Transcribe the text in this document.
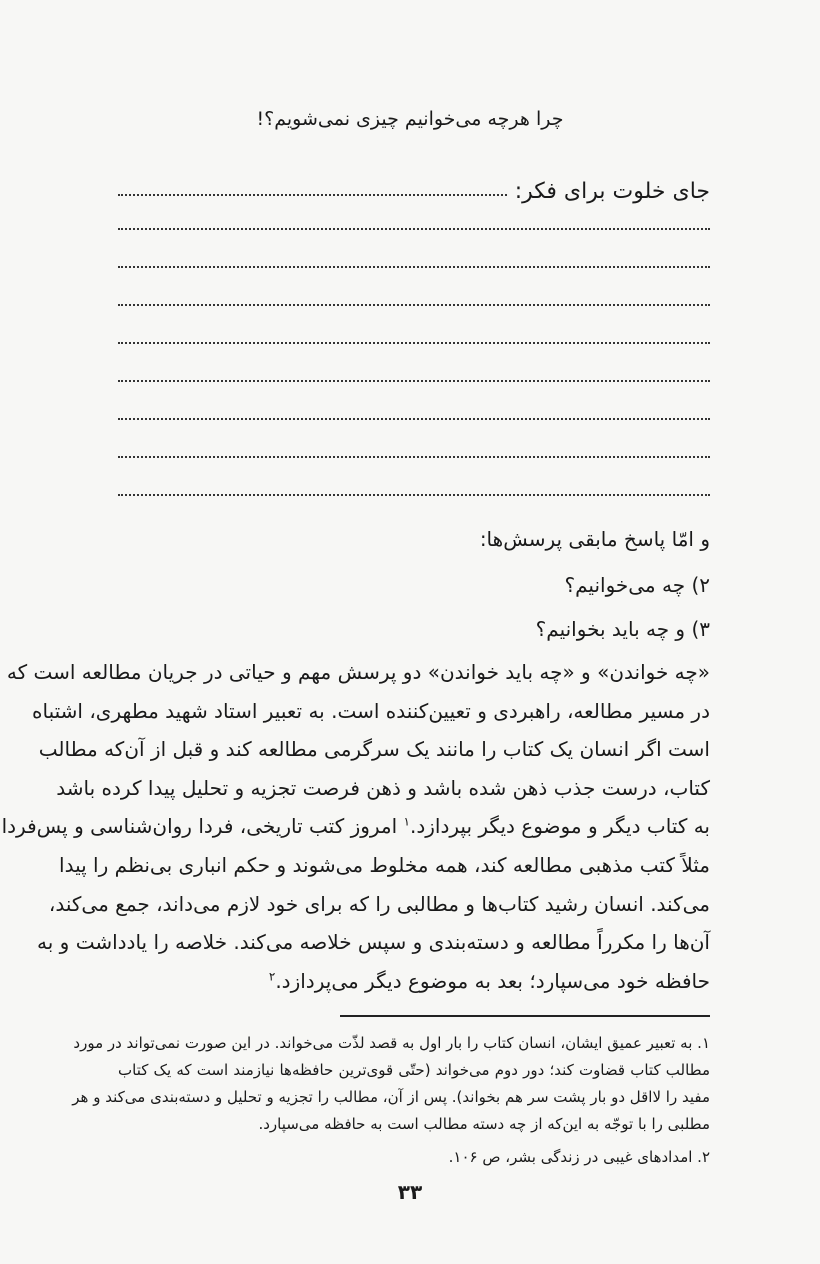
چرا هرچه می‌خوانیم چیزی نمی‌شویم؟!
جای خلوت برای فکر:
و امّا پاسخ مابقی پرسش‌ها:
۲) چه می‌خوانیم؟
۳) و چه باید بخوانیم؟
«چه خواندن» و «چه باید خواندن» دو پرسش مهم و حیاتی در جریان مطالعه است که
در مسیر مطالعه، راهبردی و تعیین‌کننده است. به تعبیر استاد شهید مطهری، اشتباه
است اگر انسان یک کتاب را مانند یک سرگرمی مطالعه کند و قبل از آن‌که مطالب
کتاب، درست جذب ذهن شده باشد و ذهن فرصت تجزیه و تحلیل پیدا کرده باشد
به کتاب دیگر و موضوع دیگر بپردازد.$^۱$ امروز کتب تاریخی، فردا روان‌شناسی و پس‌فردا
مثلاً کتب مذهبی مطالعه کند، همه مخلوط می‌شوند و حکم انباری بی‌نظم را پیدا
می‌کند. انسان رشید کتاب‌ها و مطالبی را که برای خود لازم می‌داند، جمع می‌کند،
آن‌ها را مکرراً مطالعه و دسته‌بندی و سپس خلاصه می‌کند. خلاصه را یادداشت و به
حافظه خود می‌سپارد؛ بعد به موضوع دیگر می‌پردازد.$^۲$
۱. به تعبیر عمیق ایشان، انسان کتاب را بار اول به قصد لذّت می‌خواند. در این صورت نمی‌تواند در مورد
مطالب کتاب قضاوت کند؛ دور دوم می‌خواند (حتّی قوی‌ترین حافظه‌ها نیازمند است که یک کتاب
مفید را لااقل دو بار پشت سر هم بخواند). پس از آن، مطالب را تجزیه و تحلیل و دسته‌بندی می‌کند و هر
مطلبی را با توجّه به این‌که از چه دسته مطالب است به حافظه می‌سپارد.
۲. امدادهای غیبی در زندگی بشر، ص ۱۰۶.
۳۳
